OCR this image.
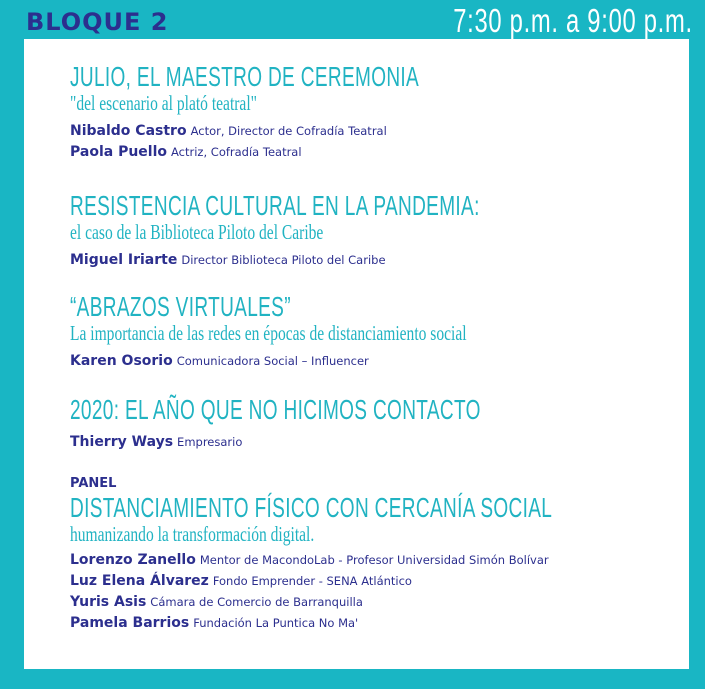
BLOQUE 2	7:30 p.m. a 9:00 p.m.
JULIO, EL MAESTRO DE CEREMONIA
"del escenario al plató teatral"
Nibaldo Castro Actor, Director de Cofradía Teatral
Paola Puello Actriz, Cofradía Teatral
RESISTENCIA CULTURAL EN LA PANDEMIA:
el caso de la Biblioteca Piloto del Caribe
Miguel Iriarte Director Biblioteca Piloto del Caribe
“ABRAZOS VIRTUALES”
La importancia de las redes en épocas de distanciamiento social
Karen Osorio Comunicadora Social – Influencer
2020: EL AÑO QUE NO HICIMOS CONTACTO
Thierry Ways Empresario
PANEL
DISTANCIAMIENTO FÍSICO CON CERCANÍA SOCIAL
humanizando la transformación digital.
Lorenzo Zanello Mentor de MacondoLab - Profesor Universidad Simón Bolívar
Luz Elena Álvarez Fondo Emprender - SENA Atlántico
Yuris Asis Cámara de Comercio de Barranquilla
Pamela Barrios Fundación La Puntica No Ma'
